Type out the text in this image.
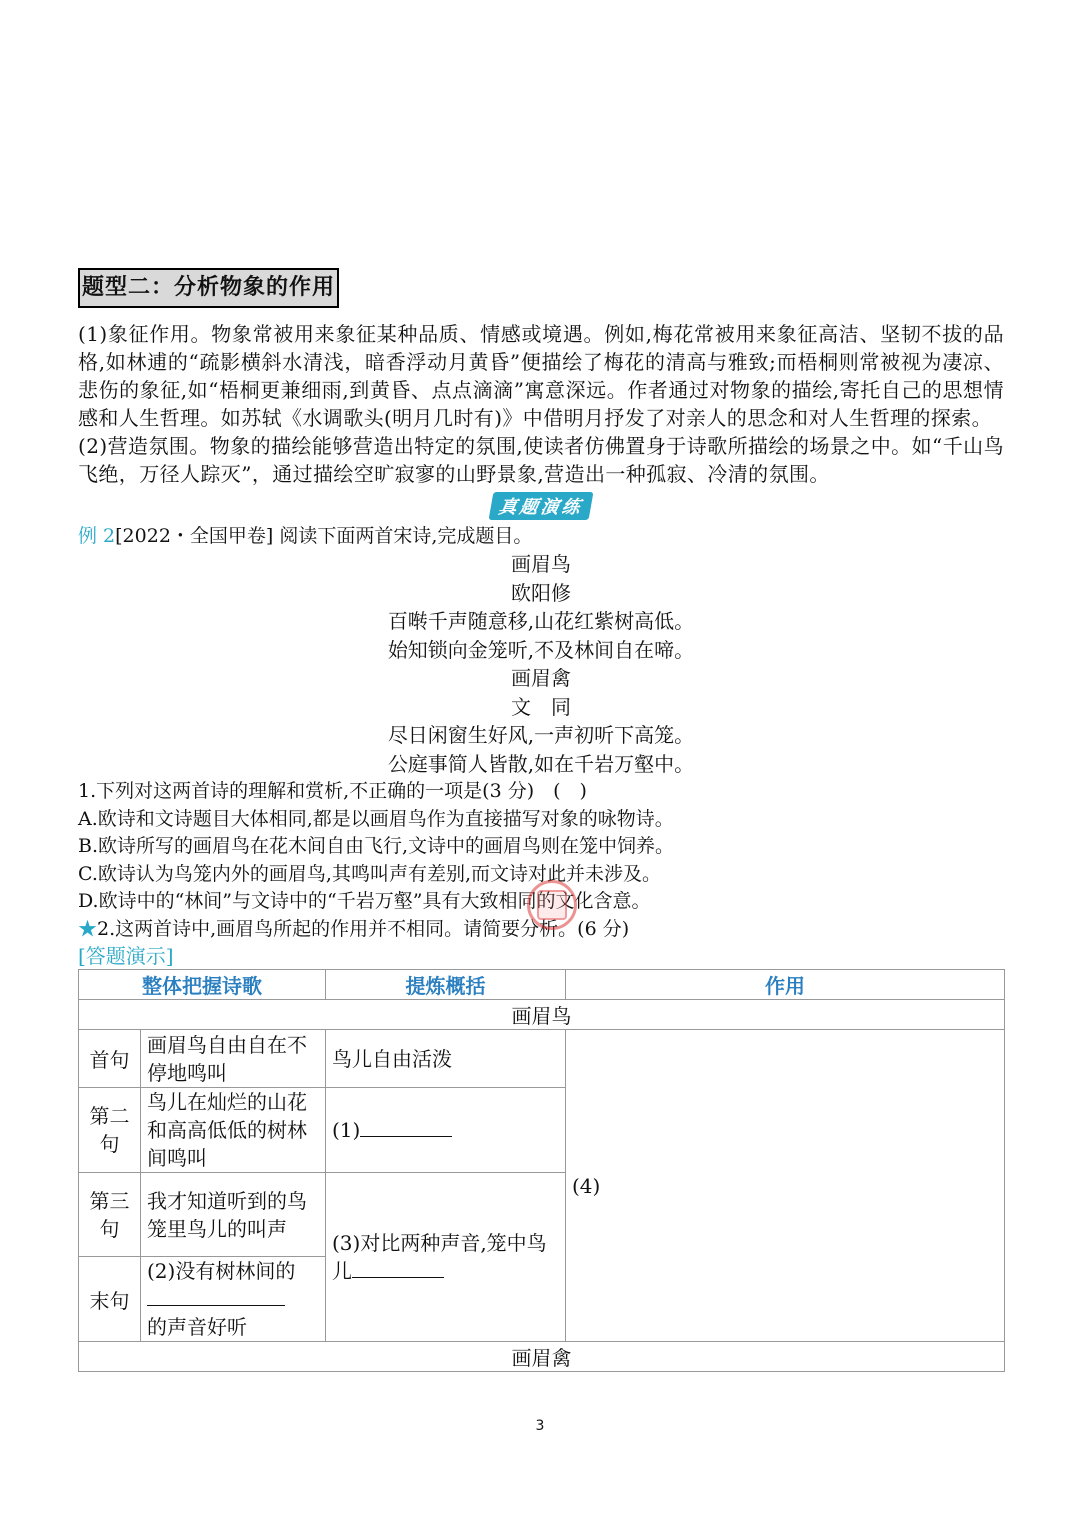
题型二：分析物象的作用

(1)象征作用。物象常被用来象征某种品质、情感或境遇。例如,梅花常被用来象征高洁、坚韧不拔的品格,如林逋的“疏影横斜水清浅，暗香浮动月黄昏”便描绘了梅花的清高与雅致;而梧桐则常被视为凄凉、悲伤的象征,如“梧桐更兼细雨,到黄昏、点点滴滴”寓意深远。作者通过对物象的描绘,寄托自己的思想情感和人生哲理。如苏轼《水调歌头(明月几时有)》中借明月抒发了对亲人的思念和对人生哲理的探索。

(2)营造氛围。物象的描绘能够营造出特定的氛围,使读者仿佛置身于诗歌所描绘的场景之中。如“千山鸟飞绝，万径人踪灭”，通过描绘空旷寂寥的山野景象,营造出一种孤寂、冷清的氛围。

真题演练

例 2[2022・全国甲卷] 阅读下面两首宋诗,完成题目。

画眉鸟

欧阳修

百啭千声随意移,山花红紫树高低。

始知锁向金笼听,不及林间自在啼。

画眉禽

文　同

尽日闲窗生好风,一声初听下高笼。

公庭事简人皆散,如在千岩万壑中。

1.下列对这两首诗的理解和赏析,不正确的一项是(3 分)　(　)

A.欧诗和文诗题目大体相同,都是以画眉鸟作为直接描写对象的咏物诗。

B.欧诗所写的画眉鸟在花木间自由飞行,文诗中的画眉鸟则在笼中饲养。

C.欧诗认为鸟笼内外的画眉鸟,其鸣叫声有差别,而文诗对此并未涉及。

D.欧诗中的“林间”与文诗中的“千岩万壑”具有大致相同的文化含意。

★2.这两首诗中,画眉鸟所起的作用并不相同。请简要分析。(6 分)

[答题演示]

整体把握诗歌		提炼概括	作用
画眉鸟			
首句	画眉鸟自由自在不停地鸣叫	鸟儿自由活泼	(4)
第二句	鸟儿在灿烂的山花和高高低低的树林间鸣叫	(1)	
第三句	我才知道听到的鸟笼里鸟儿的叫声	(3)对比两种声音,笼中鸟儿	
末句	(2)没有树林间的
的声音好听		
画眉禽			
3
